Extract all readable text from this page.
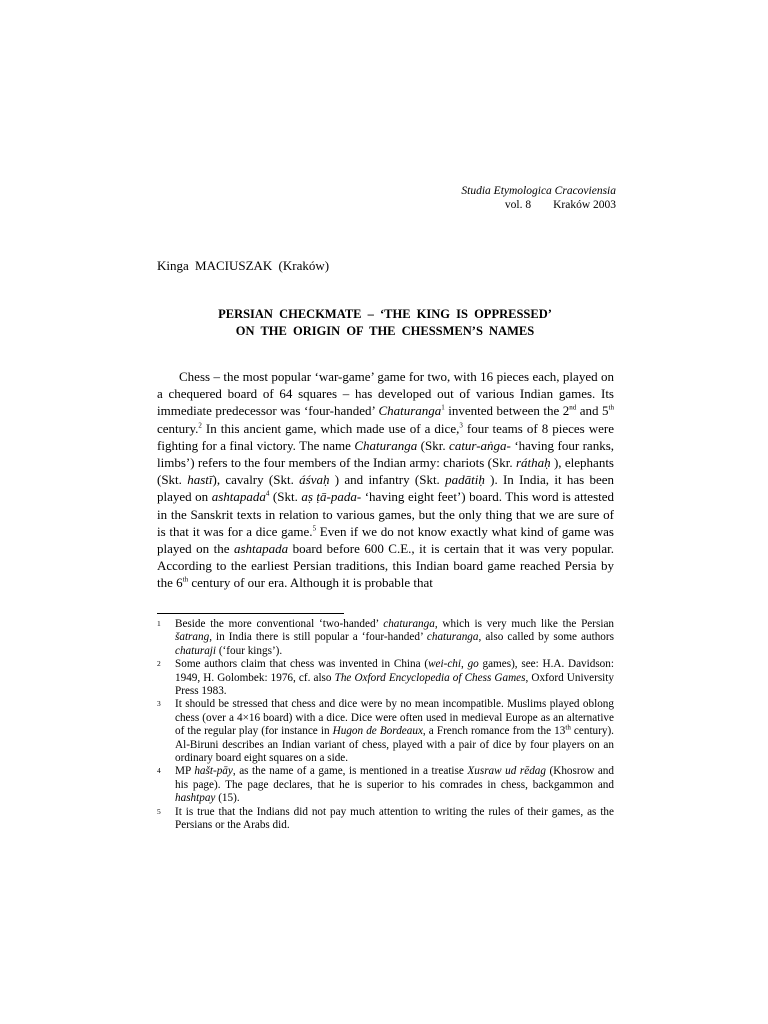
Studia Etymologica Cracoviensia
vol. 8 Kraków 2003
Kinga MACIUSZAK (Kraków)
PERSIAN CHECKMATE – ‘THE KING IS OPPRESSED’
ON THE ORIGIN OF THE CHESSMEN’S NAMES

Chess – the most popular ‘war-game’ game for two, with 16 pieces each, played on a chequered board of 64 squares – has developed out of various Indian games. Its immediate predecessor was ‘four-handed’ Chaturanga$^1$ invented between the 2nd and 5th century.$^2$ In this ancient game, which made use of a dice,$^3$ four teams of 8 pieces were fighting for a final victory. The name Chaturanga (Skr. catur-aṅga- ‘having four ranks, limbs’) refers to the four members of the Indian army: chariots (Skr. ráthaḥ ), elephants (Skt. hastī), cavalry (Skt. áśvaḥ ) and infantry (Skt. padātiḥ ). In India, it has been played on ashtapada$^4$ (Skt. aṣ ṭā-pada- ‘having eight feet’) board. This word is attested in the Sanskrit texts in relation to various games, but the only thing that we are sure of is that it was for a dice game.$^5$ Even if we do not know exactly what kind of game was played on the ashtapada board before 600 C.E., it is certain that it was very popular. According to the earliest Persian traditions, this Indian board game reached Persia by the 6th century of our era. Although it is probable that

1	Beside the more conventional ‘two-handed’ chaturanga, which is very much like the Persian šatrang, in India there is still popular a ‘four-handed’ chaturanga, also called by some authors chaturaji (‘four kings’).
2	Some authors claim that chess was invented in China (wei-chi, go games), see: H.A. Davidson: 1949, H. Golombek: 1976, cf. also The Oxford Encyclopedia of Chess Games, Oxford University Press 1983.
3	It should be stressed that chess and dice were by no mean incompatible. Muslims played oblong chess (over a 4×16 board) with a dice. Dice were often used in medieval Europe as an alternative of the regular play (for instance in Hugon de Bordeaux, a French romance from the 13th century). Al-Biruni describes an Indian variant of chess, played with a pair of dice by four players on an ordinary board eight squares on a side.
4	MP hašt-pāy, as the name of a game, is mentioned in a treatise Xusraw ud rēdag (Khosrow and his page). The page declares, that he is superior to his comrades in chess, backgammon and hashtpay (15).
5	It is true that the Indians did not pay much attention to writing the rules of their games, as the Persians or the Arabs did.
